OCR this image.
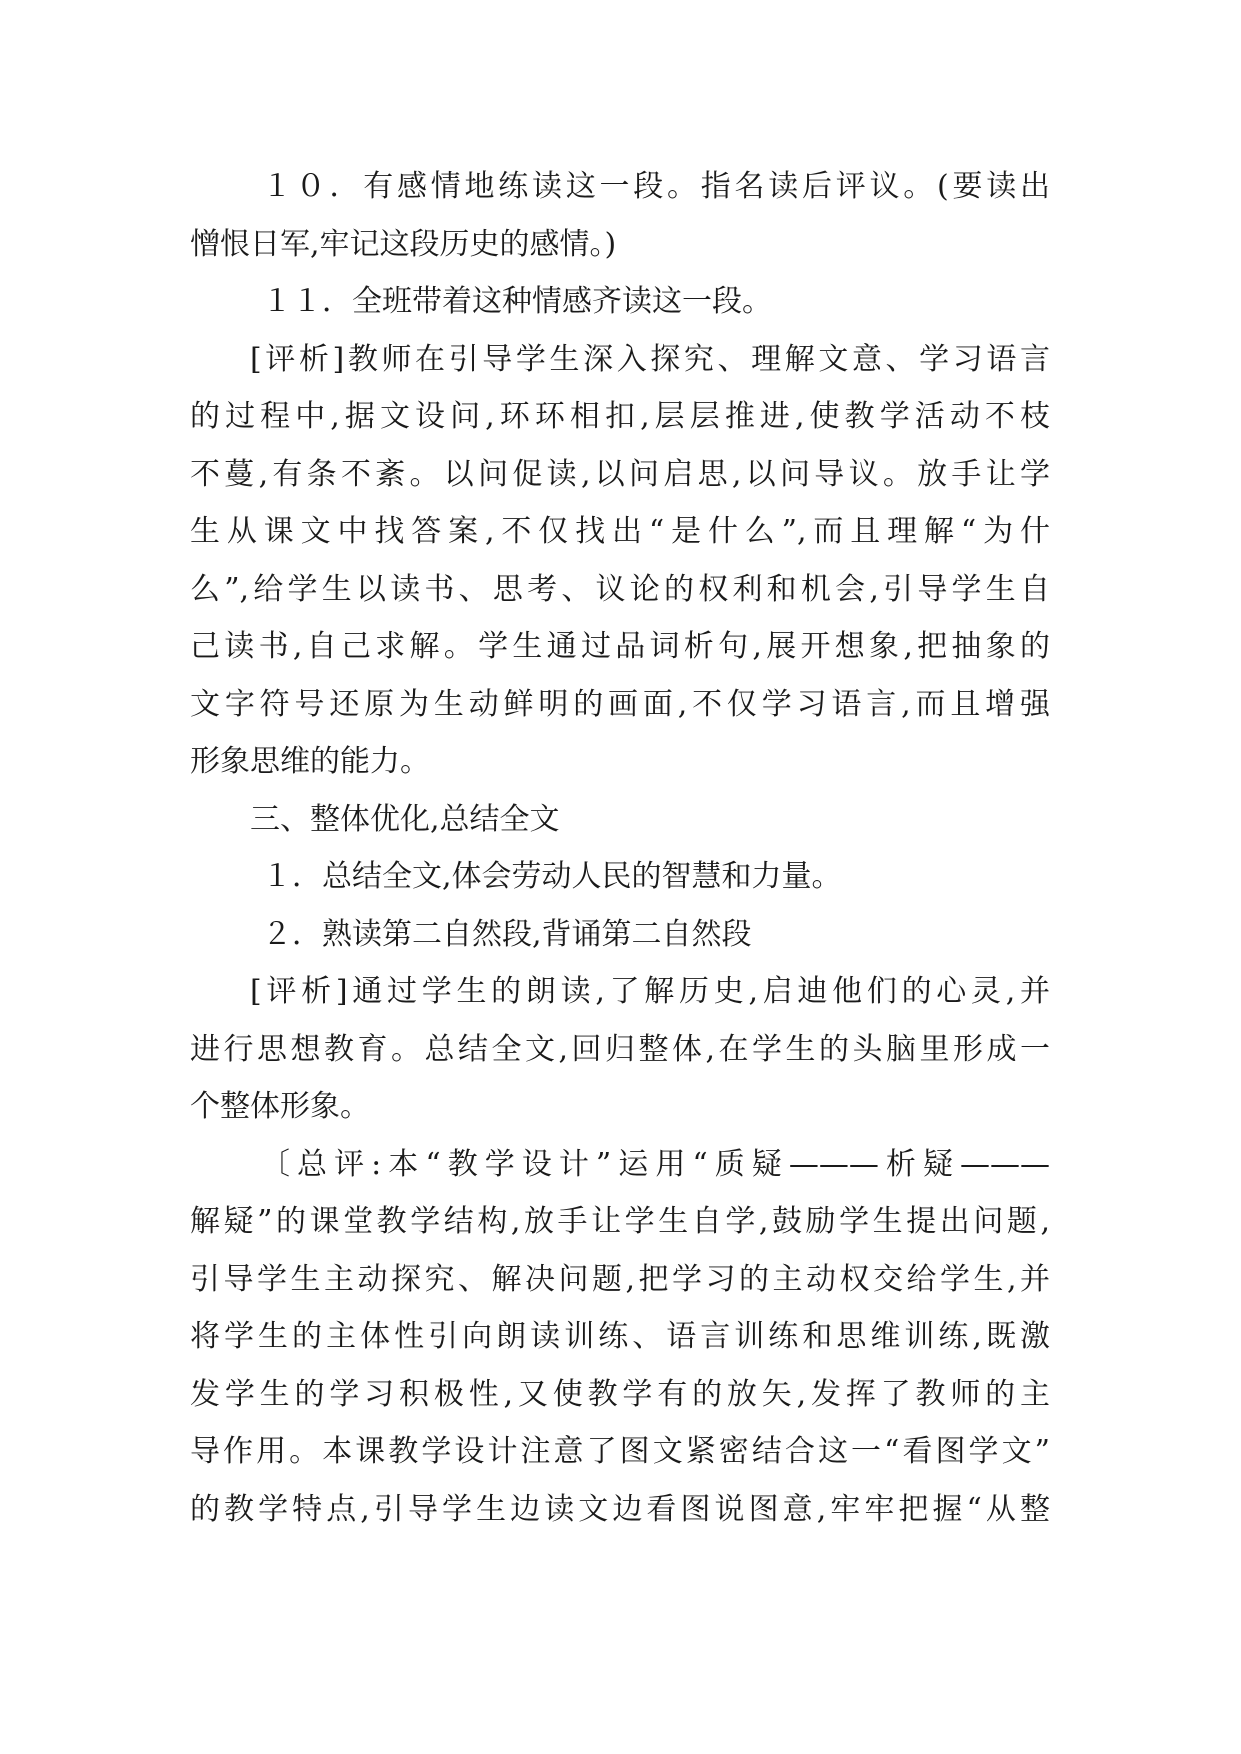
１０．有感情地练读这一段。指名读后评议。(要读出
憎恨日军,牢记这段历史的感情。)
１１．全班带着这种情感齐读这一段。
[评析]教师在引导学生深入探究、理解文意、学习语言
的过程中,据文设问,环环相扣,层层推进,使教学活动不枝
不蔓,有条不紊。以问促读,以问启思,以问导议。放手让学
生从课文中找答案,不仅找出“是什么”,而且理解“为什
么”,给学生以读书、思考、议论的权利和机会,引导学生自
己读书,自己求解。学生通过品词析句,展开想象,把抽象的
文字符号还原为生动鲜明的画面,不仅学习语言,而且增强
形象思维的能力。
三、整体优化,总结全文
１．总结全文,体会劳动人民的智慧和力量。
２．熟读第二自然段,背诵第二自然段
[评析]通过学生的朗读,了解历史,启迪他们的心灵,并
进行思想教育。总结全文,回归整体,在学生的头脑里形成一
个整体形象。
〔总评:本“教学设计”运用“质疑———析疑———
解疑”的课堂教学结构,放手让学生自学,鼓励学生提出问题,
引导学生主动探究、解决问题,把学习的主动权交给学生,并
将学生的主体性引向朗读训练、语言训练和思维训练,既激
发学生的学习积极性,又使教学有的放矢,发挥了教师的主
导作用。本课教学设计注意了图文紧密结合这一“看图学文”
的教学特点,引导学生边读文边看图说图意,牢牢把握“从整
